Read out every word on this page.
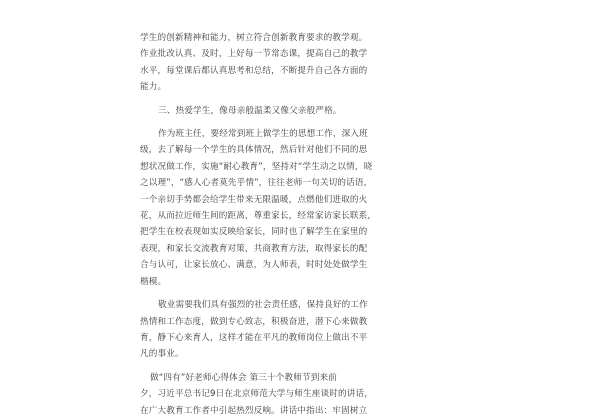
学生的创新精神和能力，树立符合创新教育要求的教学观。
作业批改认真、及时，上好每一节常态课，提高自己的教学
水平，每堂课后都认真思考和总结，不断提升自己各方面的
能力。
三、热爱学生，像母亲般温柔又像父亲般严格。
作为班主任，要经常到班上做学生的思想工作，深入班
级，去了解每一个学生的具体情况，然后针对他们不同的思
想状况做工作，实施“耐心教育”，坚持对“学生动之以情，晓
之以理”，“感人心者莫先乎情”，往往老师一句关切的话语，
一个亲切手势都会给学生带来无限温暖，点燃他们进取的火
花，从而拉近师生间的距离，尊重家长，经常家访家长联系，
把学生在校表现如实反映给家长，同时也了解学生在家里的
表现，和家长交流教育对策，共商教育方法，取得家长的配
合与认可，让家长放心、满意，为人师表，时时处处做学生
楷模。
敬业需要我们具有强烈的社会责任感，保持良好的工作
热情和工作态度，做到专心致志，积极奋进，潜下心来做教
育，静下心来育人，这样才能在平凡的教师岗位上做出不平
凡的事业。
做“四有”好老师心得体会 第三十个教师节到来前
夕，习近平总书记9日在北京师范大学与师生座谈时的讲话，
在广大教育工作者中引起热烈反响。讲话中指出：牢固树立
